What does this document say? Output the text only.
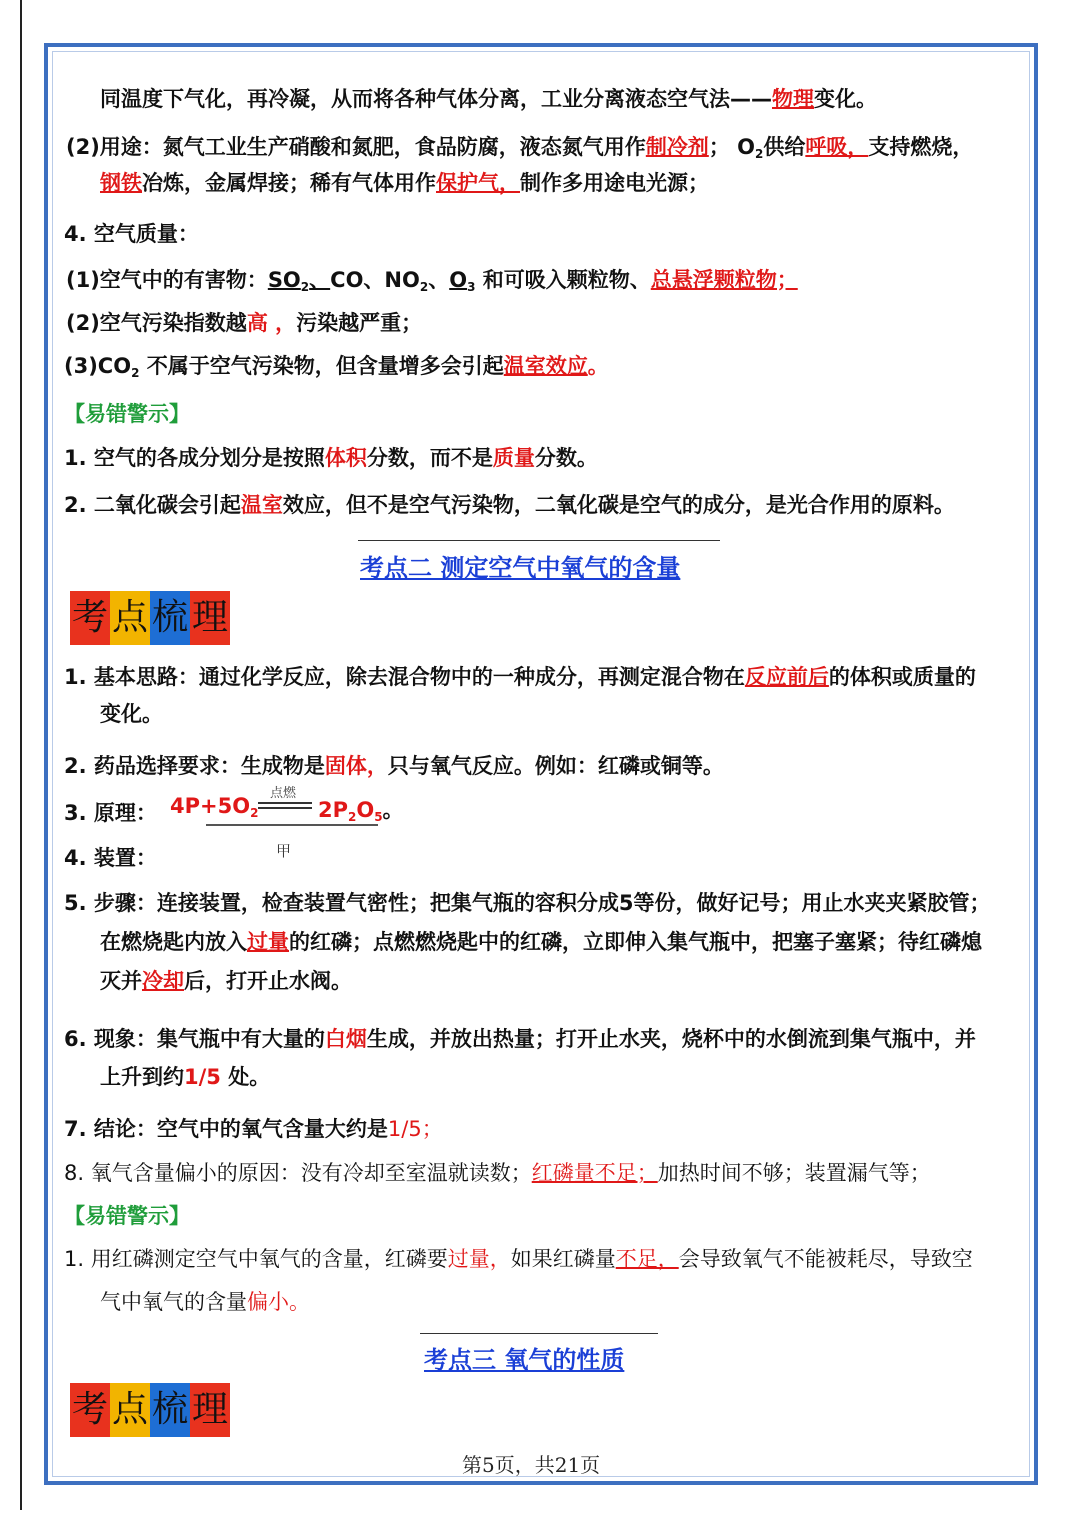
同温度下气化，再冷凝，从而将各种气体分离，工业分离液态空气法——物理变化。
(2)用途：氮气工业生产硝酸和氮肥，食品防腐，液态氮气用作制冷剂； $O_2$供给呼吸，支持燃烧，
钢铁冶炼，金属焊接；稀有气体用作保护气，制作多用途电光源；
4. 空气质量：
(1)空气中的有害物：$SO_2$、CO、$NO_2$、$O_3$ 和可吸入颗粒物、总悬浮颗粒物；
(2)空气污染指数越高 ，污染越严重；
$(3)CO_2$ 不属于空气污染物，但含量增多会引起温室效应。
【易错警示】
1. 空气的各成分划分是按照体积分数，而不是质量分数。
2. 二氧化碳会引起温室效应，但不是空气污染物，二氧化碳是空气的成分，是光合作用的原料。
考点二 测定空气中氧气的含量
考 点 梳 理
1. 基本思路：通过化学反应，除去混合物中的一种成分，再测定混合物在反应前后的体积或质量的
变化。
2. 药品选择要求：生成物是固体，只与氧气反应。例如：红磷或铜等。
3. 原理： $4P+5O_2$
点燃
$2P_2O_5$。
4. 装置：	甲
5. 步骤：连接装置，检查装置气密性；把集气瓶的容积分成5等份，做好记号；用止水夹夹紧胶管；
在燃烧匙内放入过量的红磷；点燃燃烧匙中的红磷，立即伸入集气瓶中，把塞子塞紧；待红磷熄
灭并冷却后，打开止水阀。
6. 现象：集气瓶中有大量的白烟生成，并放出热量；打开止水夹，烧杯中的水倒流到集气瓶中，并
上升到约1/5 处。
7. 结论：空气中的氧气含量大约是1/5；
8. 氧气含量偏小的原因：没有冷却至室温就读数；红磷量不足；加热时间不够；装置漏气等；
【易错警示】
1. 用红磷测定空气中氧气的含量，红磷要过量，如果红磷量不足，会导致氧气不能被耗尽，导致空
气中氧气的含量偏小。
考点三 氧气的性质
考 点 梳 理
第5页，共21页
